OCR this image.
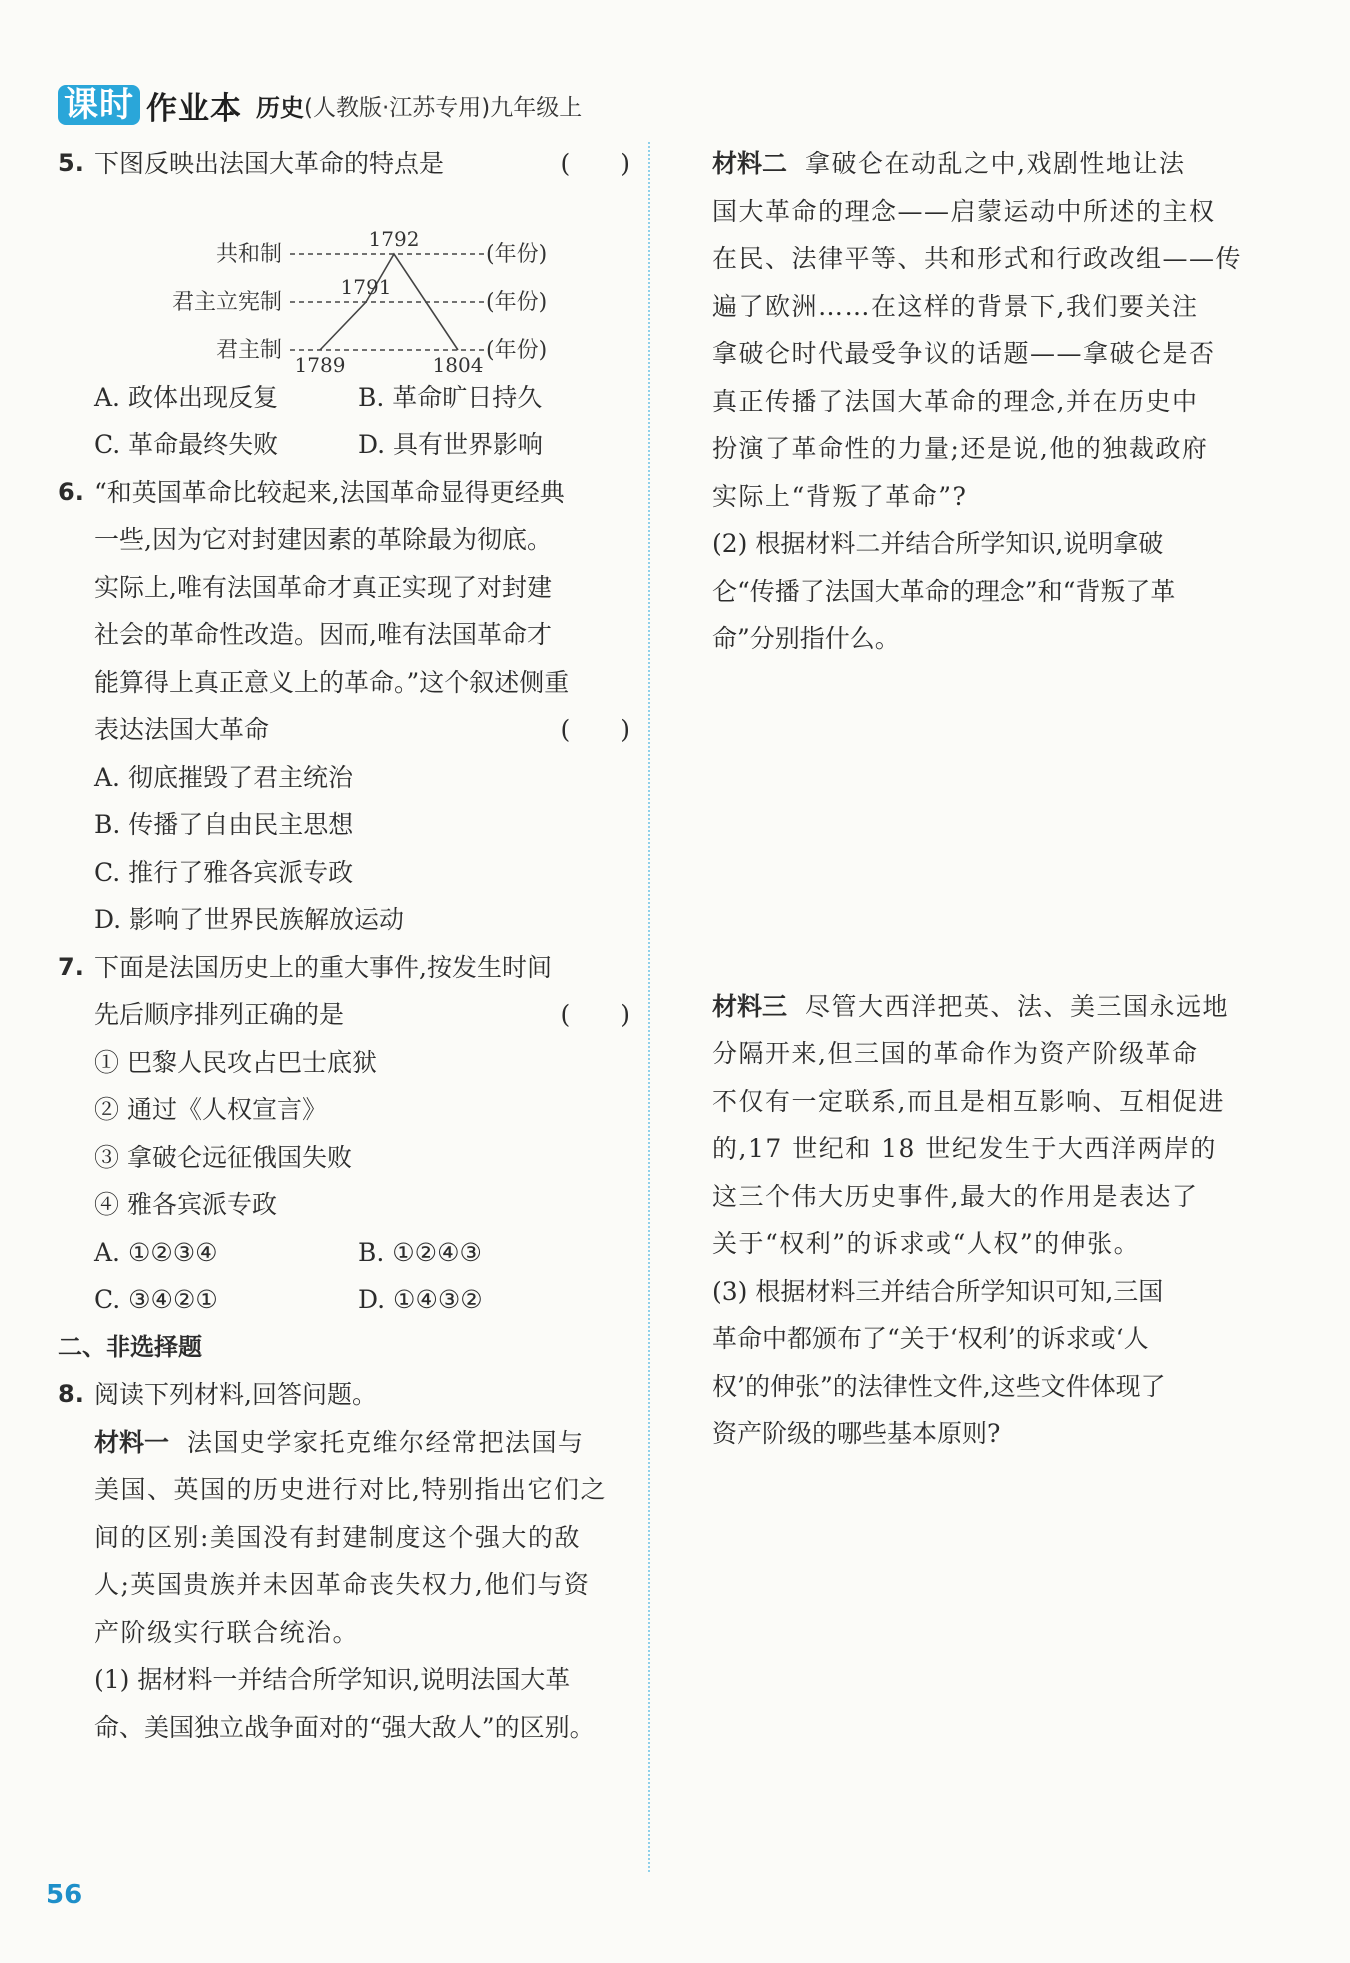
课时 作业本 历史 (人教版·江苏专用)九年级上
5. 下图反映出法国大革命的特点是	(　　)
共和制
君主立宪制
君主制
(年份)
(年份)
(年份)
1792
1791
1789	1804
A. 政体出现反复	B. 革命旷日持久
C. 革命最终失败	D. 具有世界影响
6. “和英国革命比较起来,法国革命显得更经典
一些,因为它对封建因素的革除最为彻底。
实际上,唯有法国革命才真正实现了对封建
社会的革命性改造。因而,唯有法国革命才
能算得上真正意义上的革命。”这个叙述侧重
表达法国大革命	(　　)
A. 彻底摧毁了君主统治
B. 传播了自由民主思想
C. 推行了雅各宾派专政
D. 影响了世界民族解放运动
7. 下面是法国历史上的重大事件,按发生时间
先后顺序排列正确的是	(　　)
① 巴黎人民攻占巴士底狱
② 通过《人权宣言》
③ 拿破仑远征俄国失败
④ 雅各宾派专政
A. ①②③④	B. ①②④③
C. ③④②①	D. ①④③②
二、非选择题
8. 阅读下列材料,回答问题。
材料一 法国史学家托克维尔经常把法国与
美国、英国的历史进行对比,特别指出它们之
间的区别:美国没有封建制度这个强大的敌
人;英国贵族并未因革命丧失权力,他们与资
产阶级实行联合统治。
(1) 据材料一并结合所学知识,说明法国大革
命、美国独立战争面对的“强大敌人”的区别。
材料二 拿破仑在动乱之中,戏剧性地让法
国大革命的理念——启蒙运动中所述的主权
在民、法律平等、共和形式和行政改组——传
遍了欧洲……在这样的背景下,我们要关注
拿破仑时代最受争议的话题——拿破仑是否
真正传播了法国大革命的理念,并在历史中
扮演了革命性的力量;还是说,他的独裁政府
实际上“背叛了革命”?
(2) 根据材料二并结合所学知识,说明拿破
仑“传播了法国大革命的理念”和“背叛了革
命”分别指什么。
材料三 尽管大西洋把英、法、美三国永远地
分隔开来,但三国的革命作为资产阶级革命
不仅有一定联系,而且是相互影响、互相促进
的,17 世纪和 18 世纪发生于大西洋两岸的
这三个伟大历史事件,最大的作用是表达了
关于“权利”的诉求或“人权”的伸张。
(3) 根据材料三并结合所学知识可知,三国
革命中都颁布了“关于‘权利’的诉求或‘人
权’的伸张”的法律性文件,这些文件体现了
资产阶级的哪些基本原则?
56
